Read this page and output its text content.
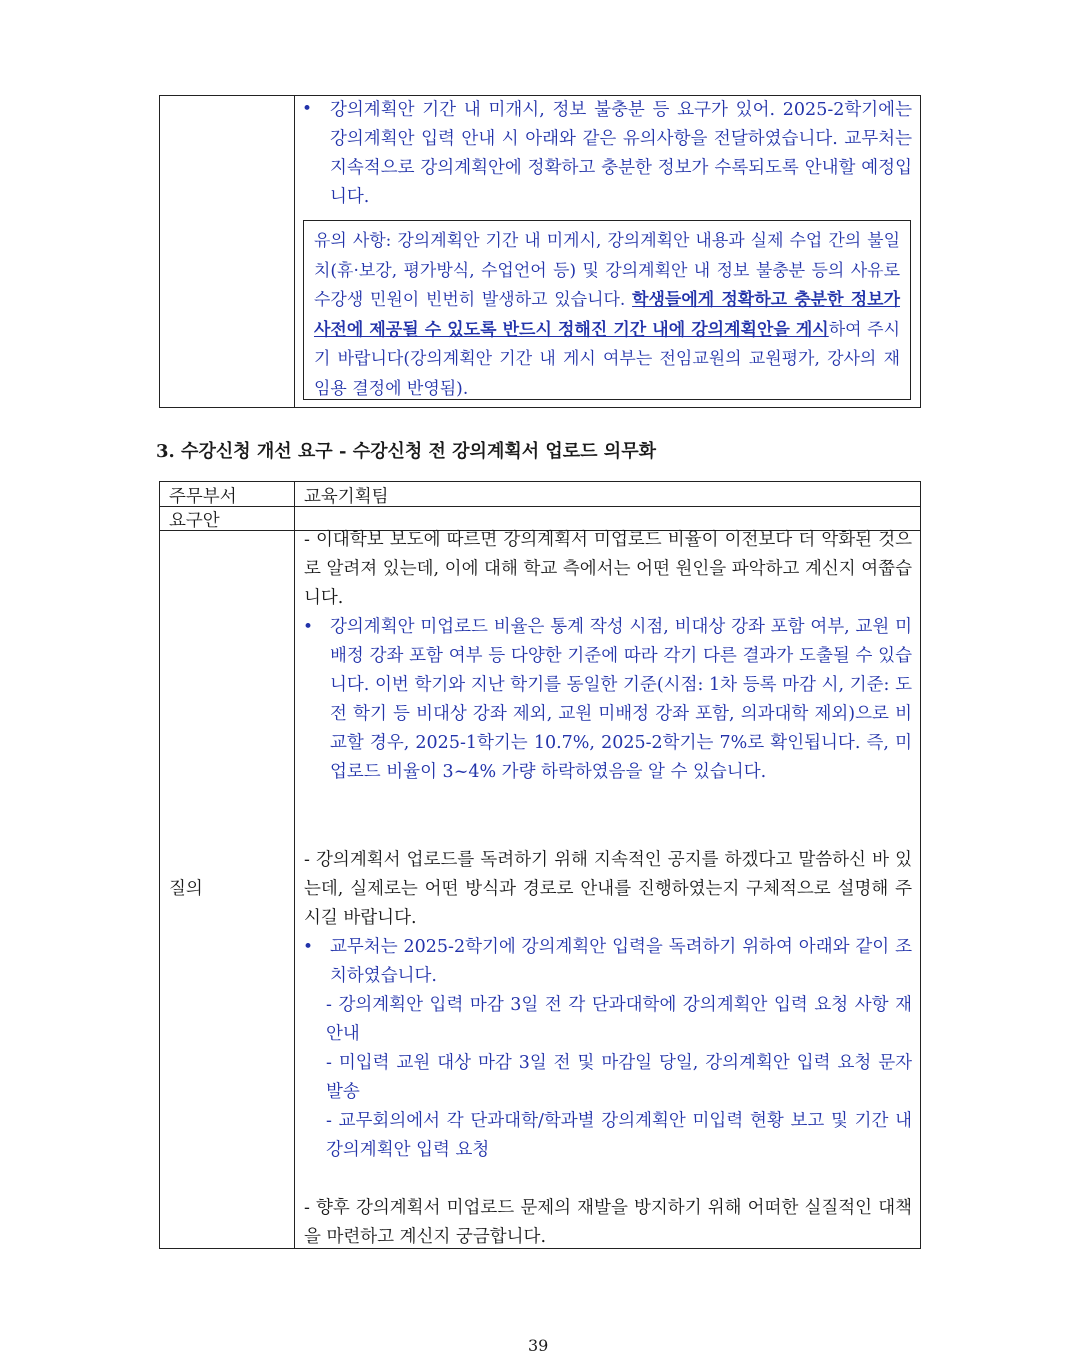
• 강의계획안 기간 내 미개시, 정보 불충분 등 요구가 있어. 2025-2학기에는 강의계획안 입력 안내 시 아래와 같은 유의사항을 전달하였습니다. 교무처는 지속적으로 강의계획안에 정확하고 충분한 정보가 수록되도록 안내할 예정입니다.
유의 사항: 강의계획안 기간 내 미게시, 강의계획안 내용과 실제 수업 간의 불일치(휴·보강, 평가방식, 수업언어 등) 및 강의계획안 내 정보 불충분 등의 사유로 수강생 민원이 빈번히 발생하고 있습니다. 학생들에게 정확하고 충분한 정보가 사전에 제공될 수 있도록 반드시 정해진 기간 내에 강의계획안을 게시하여 주시기 바랍니다(강의계획안 기간 내 게시 여부는 전임교원의 교원평가, 강사의 재임용 결정에 반영됨).
3. 수강신청 개선 요구 - 수강신청 전 강의계획서 업로드 의무화
주무부서	교육기획팀
요구안
질의
- 이대학보 보도에 따르면 강의계획서 미업로드 비율이 이전보다 더 악화된 것으로 알려져 있는데, 이에 대해 학교 측에서는 어떤 원인을 파악하고 계신지 여쭙습니다.
• 강의계획안 미업로드 비율은 통계 작성 시점, 비대상 강좌 포함 여부, 교원 미배정 강좌 포함 여부 등 다양한 기준에 따라 각기 다른 결과가 도출될 수 있습니다. 이번 학기와 지난 학기를 동일한 기준(시점: 1차 등록 마감 시, 기준: 도전 학기 등 비대상 강좌 제외, 교원 미배정 강좌 포함, 의과대학 제외)으로 비교할 경우, 2025-1학기는 10.7%, 2025-2학기는 7%로 확인됩니다. 즉, 미업로드 비율이 3~4% 가량 하락하였음을 알 수 있습니다.
- 강의계획서 업로드를 독려하기 위해 지속적인 공지를 하겠다고 말씀하신 바 있는데, 실제로는 어떤 방식과 경로로 안내를 진행하였는지 구체적으로 설명해 주시길 바랍니다.
• 교무처는 2025-2학기에 강의계획안 입력을 독려하기 위하여 아래와 같이 조치하였습니다.
- 강의계획안 입력 마감 3일 전 각 단과대학에 강의계획안 입력 요청 사항 재안내
- 미입력 교원 대상 마감 3일 전 및 마감일 당일, 강의계획안 입력 요청 문자 발송
- 교무회의에서 각 단과대학/학과별 강의계획안 미입력 현황 보고 및 기간 내 강의계획안 입력 요청
- 향후 강의계획서 미업로드 문제의 재발을 방지하기 위해 어떠한 실질적인 대책을 마련하고 계신지 궁금합니다.
39
